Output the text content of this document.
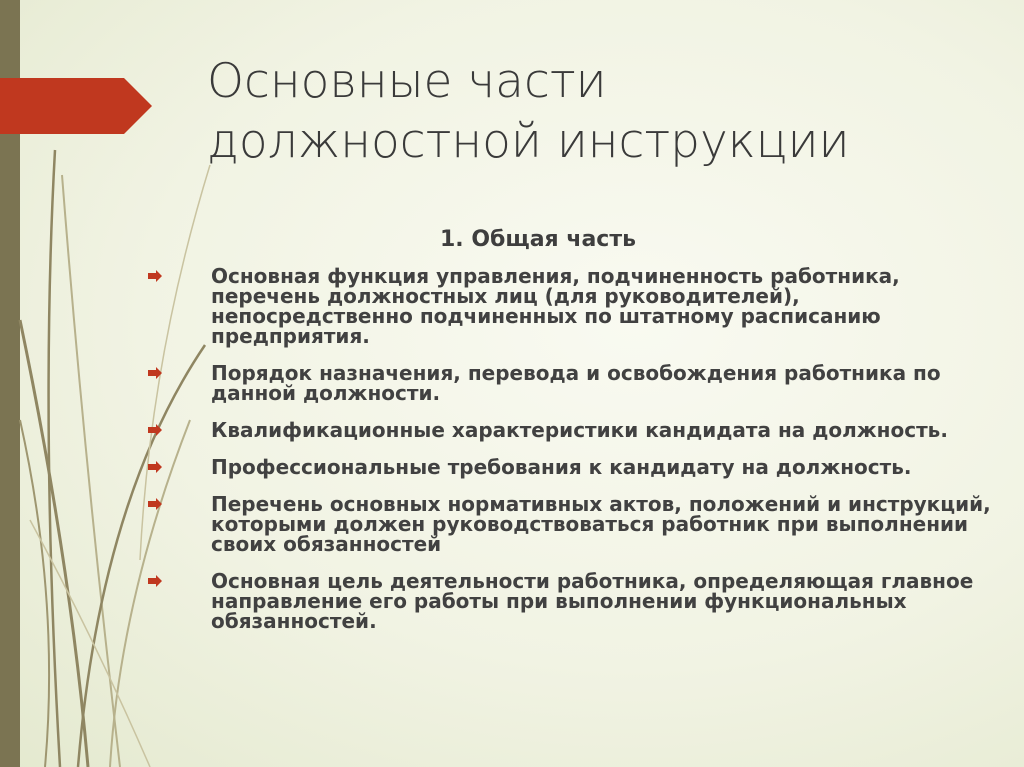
Основные части
должностной инструкции
1. Общая часть
Основная функция управления, подчиненность работника, перечень должностных лиц (для руководителей), непосредственно подчиненных по штатному расписанию предприятия.
Порядок назначения, перевода и освобождения работника по данной должности.
Квалификационные характеристики кандидата на должность.
Профессиональные требования к кандидату на должность.
Перечень основных нормативных актов, положений и инструкций, которыми должен руководствоваться работник при выполнении своих обязанностей
Основная цель деятельности работника, определяющая главное направление его работы при выполнении функциональных обязанностей.
